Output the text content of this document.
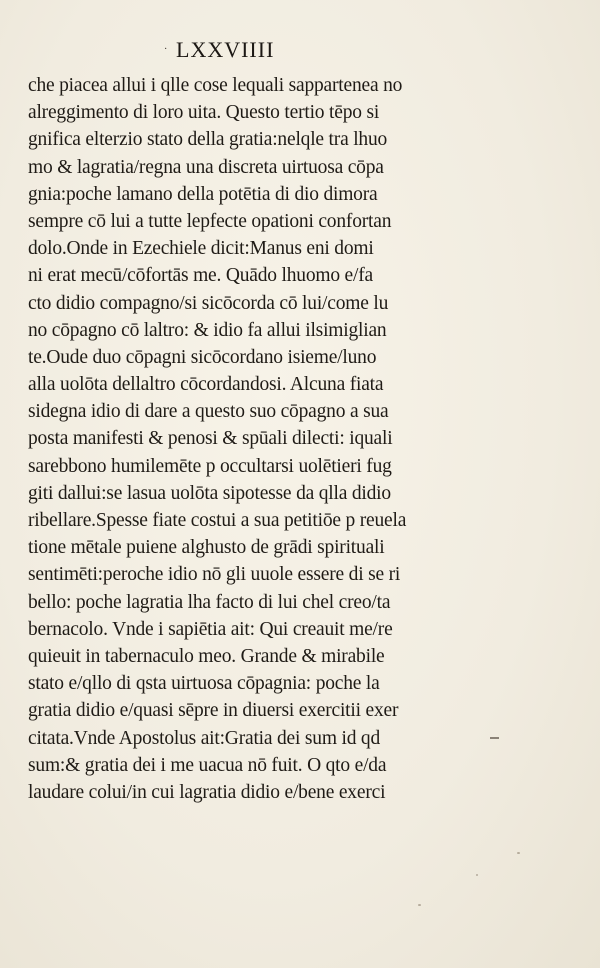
· LXXVIIII
che piacea allui i qlle cose lequali sappartenea no
alreggimento di loro uita. Questo tertio tēpo si
gnifica elterzio stato della gratia:nelqle tra lhuo
mo & lagratia/regna una discreta uirtuosa cōpa
gnia:poche lamano della potētia di dio dimora
sempre cō lui a tutte lepfecte opationi confortan
dolo.Onde in Ezechiele dicit:Manus eni domi
ni erat mecū/cōfortās me. Quādo lhuomo e/fa
cto didio compagno/si sicōcorda cō lui/come lu
no cōpagno cō laltro: & idio fa allui ilsimiglian
te.Oude duo cōpagni sicōcordano isieme/luno
alla uolōta dellaltro cōcordandosi. Alcuna fiata
sidegna idio di dare a questo suo cōpagno a sua
posta manifesti & penosi & spūali dilecti: iquali
sarebbono humilemēte p occultarsi uolētieri fug
giti dallui:se lasua uolōta sipotesse da qlla didio
ribellare.Spesse fiate costui a sua petitiōe p reuela
tione mētale puiene alghusto de grādi spirituali
sentimēti:peroche idio nō gli uuole essere di se ri
bello: poche lagratia lha facto di lui chel creo/ta
bernacolo. Vnde i sapiētia ait: Qui creauit me/re
quieuit in tabernaculo meo. Grande & mirabile
stato e/qllo di qsta uirtuosa cōpagnia: poche la
gratia didio e/quasi sēpre in diuersi exercitii exer
citata.Vnde Apostolus ait:Gratia dei sum id qd
sum:& gratia dei i me uacua nō fuit. O qto e/da
laudare colui/in cui lagratia didio e/bene exerci
